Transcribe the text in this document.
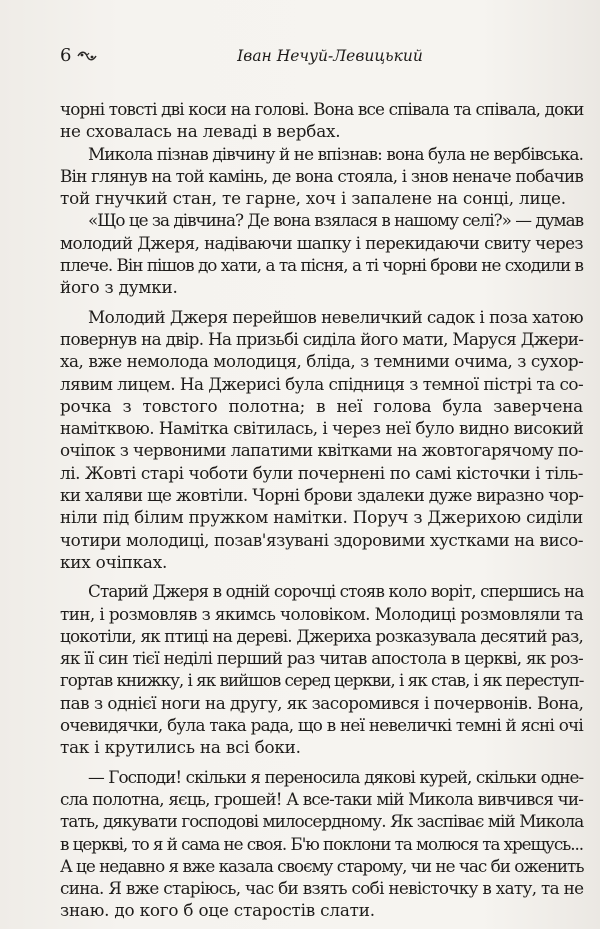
6	Іван Нечуй-Левицький
чорні товсті дві коси на голові. Вона все співала та співала, доки
не сховалась на леваді в вербах.
Микола пізнав дівчину й не впізнав: вона була не вербівська.
Він глянув на той камінь, де вона стояла, і знов неначе побачив
той гнучкий стан, те гарне, хоч і запалене на сонці, лице.
«Що це за дівчина? Де вона взялася в нашому селі?» — думав
молодий Джеря, надіваючи шапку і перекидаючи свиту через
плече. Він пішов до хати, а та пісня, а ті чорні брови не сходили в
його з думки.
Молодий Джеря перейшов невеличкий садок і поза хатою
повернув на двір. На призьбі сиділа його мати, Маруся Джери-
ха, вже немолода молодиця, бліда, з темними очима, з сухор-
лявим лицем. На Джерисі була спідниця з темної пістрі та со-
рочка з товстого полотна; в неї голова була заверчена
намітквою. Намітка світилась, і через неї було видно високий
очіпок з червоними лапатими квітками на жовтогарячому по-
лі. Жовті старі чоботи були почернені по самі кісточки і тіль-
ки халяви ще жовтіли. Чорні брови здалеки дуже виразно чор-
ніли під білим пружком намітки. Поруч з Джерихою сиділи
чотири молодиці, позав'язувані здоровими хустками на висо-
ких очіпках.
Старий Джеря в одній сорочці стояв коло воріт, спершись на
тин, і розмовляв з якимсь чоловіком. Молодиці розмовляли та
цокотіли, як птиці на дереві. Джериха розказувала десятий раз,
як її син тієї неділі перший раз читав апостола в церкві, як роз-
гортав книжку, і як вийшов серед церкви, і як став, і як переступ-
пав з однієї ноги на другу, як засоромився і почервонів. Вона,
очевидячки, була така рада, що в неї невеличкі темні й ясні очі
так і крутились на всі боки.
— Господи! скільки я переносила дякові курей, скільки однe-
сла полотна, яєць, грошей! А все-таки мій Микола вивчився чи-
тать, дякувати господові милосердному. Як заспіває мій Микола
в церкві, то я й сама не своя. Б'ю поклони та молюся та хрещусь...
А це недавно я вже казала своєму старому, чи не час би оженить
сина. Я вже старіюсь, час би взять собі невісточку в хату, та не
знаю. до кого б оце старостів слати.
